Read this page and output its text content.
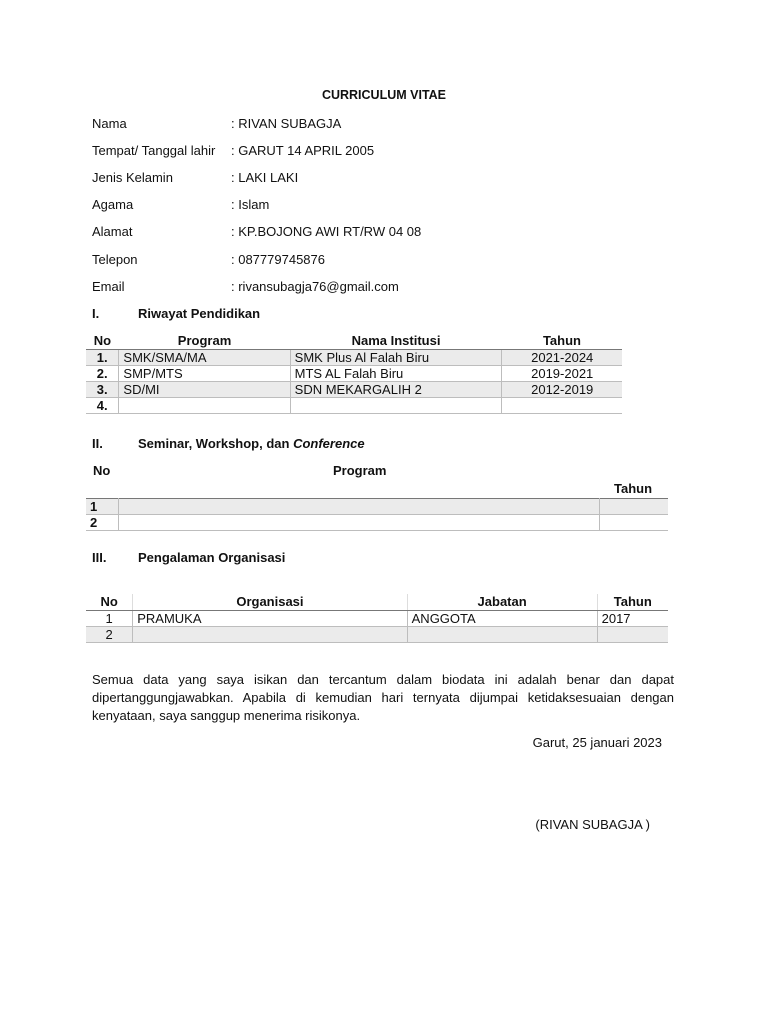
CURRICULUM VITAE
Nama	: RIVAN SUBAGJA
Tempat/ Tanggal lahir : GARUT 14 APRIL 2005
Jenis Kelamin	: LAKI LAKI
Agama	: Islam
Alamat	: KP.BOJONG AWI RT/RW 04 08
Telepon	: 087779745876
Email	: rivansubagja76@gmail.com
I.	Riwayat Pendidikan
No	Program	Nama Institusi	Tahun
1.	SMK/SMA/MA	SMK Plus Al Falah Biru	2021-2024
2.	SMP/MTS	MTS AL Falah Biru	2019-2021
3.	SD/MI	SDN MEKARGALIH 2	2012-2019
4.			
II.	Seminar, Workshop, dan Conference
No	Program
Tahun
1		
2		
III. Pengalaman Organisasi
No	Organisasi	Jabatan	Tahun
1	PRAMUKA	ANGGOTA	2017
2			
Semua data yang saya isikan dan tercantum dalam biodata ini adalah benar dan dapat dipertanggungjawabkan. Apabila di kemudian hari ternyata dijumpai ketidaksesuaian dengan kenyataan, saya sanggup menerima risikonya.
Garut, 25 januari 2023
(RIVAN SUBAGJA )
